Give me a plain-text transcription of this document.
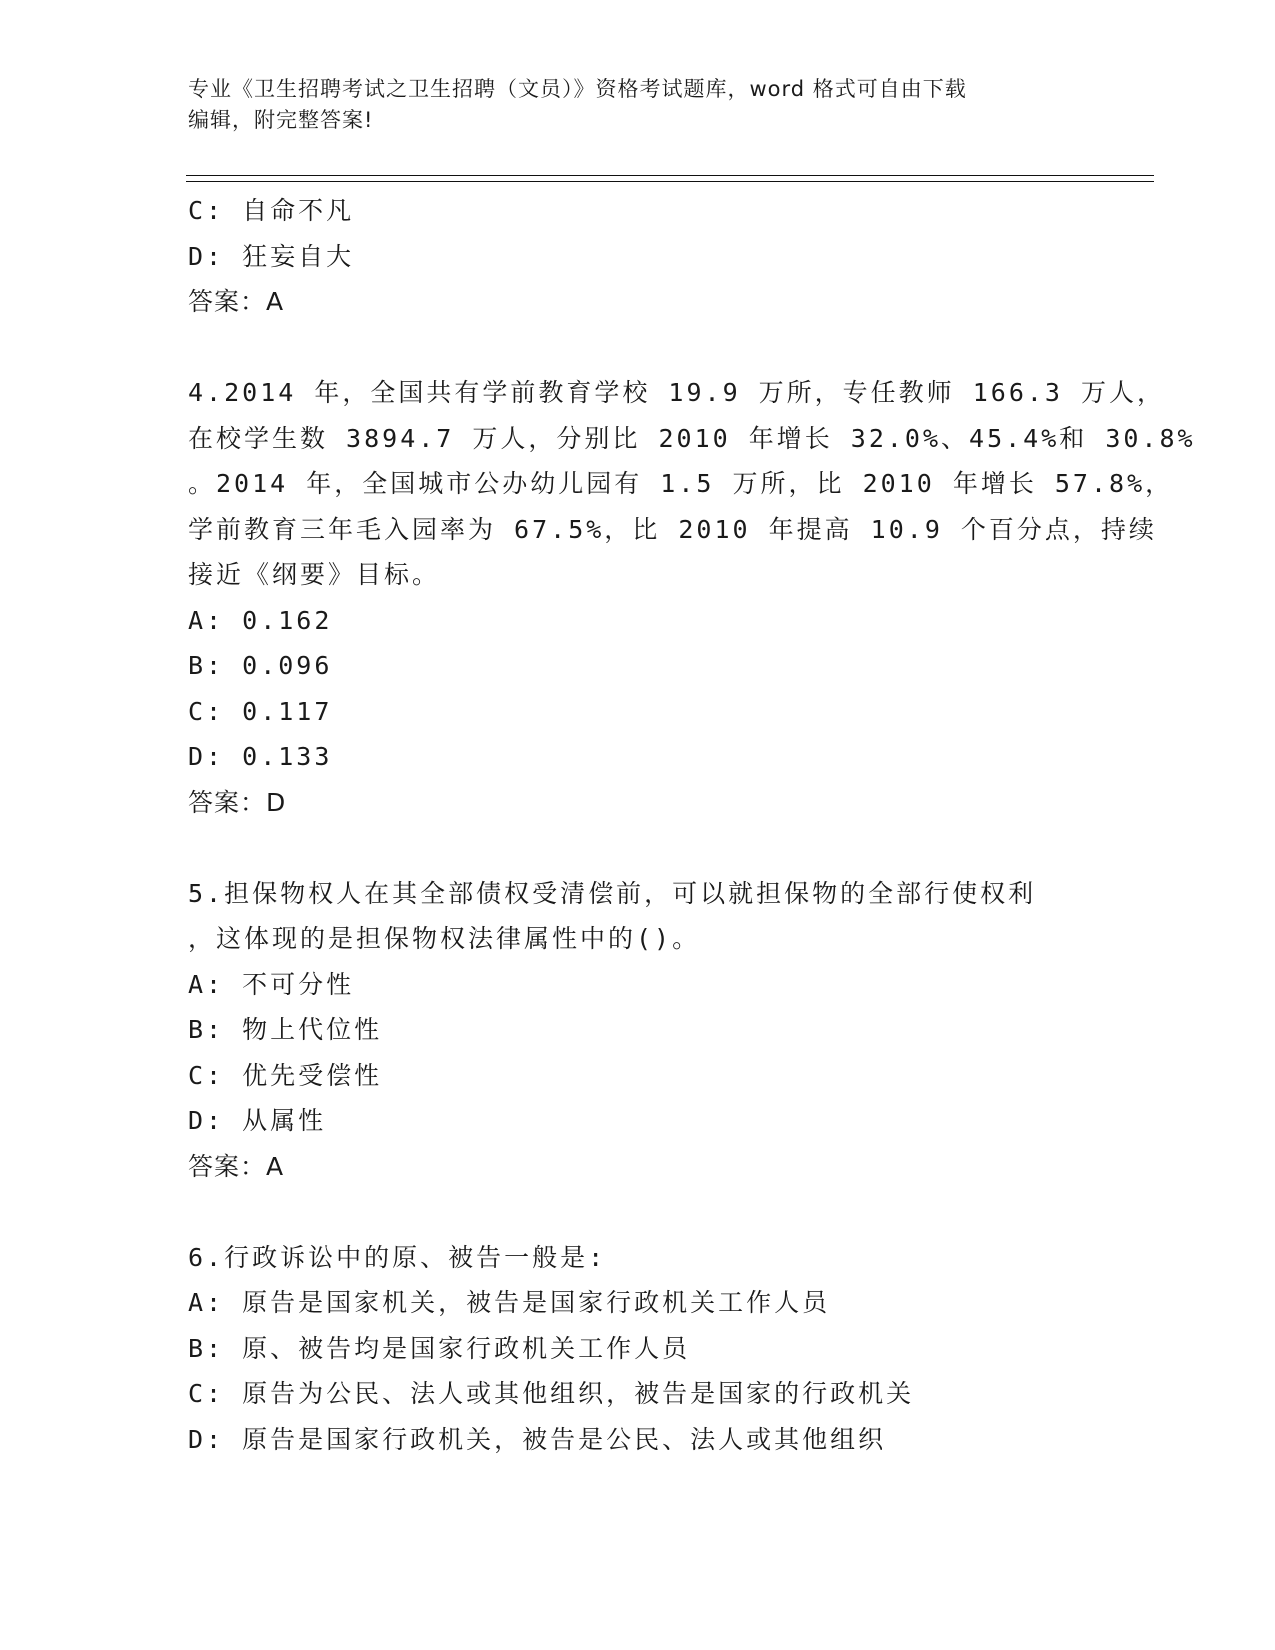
专业《卫生招聘考试之卫生招聘（文员）》资格考试题库，word 格式可自由下载
编辑，附完整答案!
C: 自命不凡
D: 狂妄自大
答案：A
4.2014 年，全国共有学前教育学校 19.9 万所，专任教师 166.3 万人，
在校学生数 3894.7 万人，分别比 2010 年增长 32.0%、45.4%和 30.8%
。2014 年，全国城市公办幼儿园有 1.5 万所，比 2010 年增长 57.8%，
学前教育三年毛入园率为 67.5%，比 2010 年提高 10.9 个百分点，持续
接近《纲要》目标。
A: 0.162
B: 0.096
C: 0.117
D: 0.133
答案：D
5.担保物权人在其全部债权受清偿前，可以就担保物的全部行使权利
，这体现的是担保物权法律属性中的()。
A: 不可分性
B: 物上代位性
C: 优先受偿性
D: 从属性
答案：A
6.行政诉讼中的原、被告一般是:
A: 原告是国家机关，被告是国家行政机关工作人员
B: 原、被告均是国家行政机关工作人员
C: 原告为公民、法人或其他组织，被告是国家的行政机关
D: 原告是国家行政机关，被告是公民、法人或其他组织
